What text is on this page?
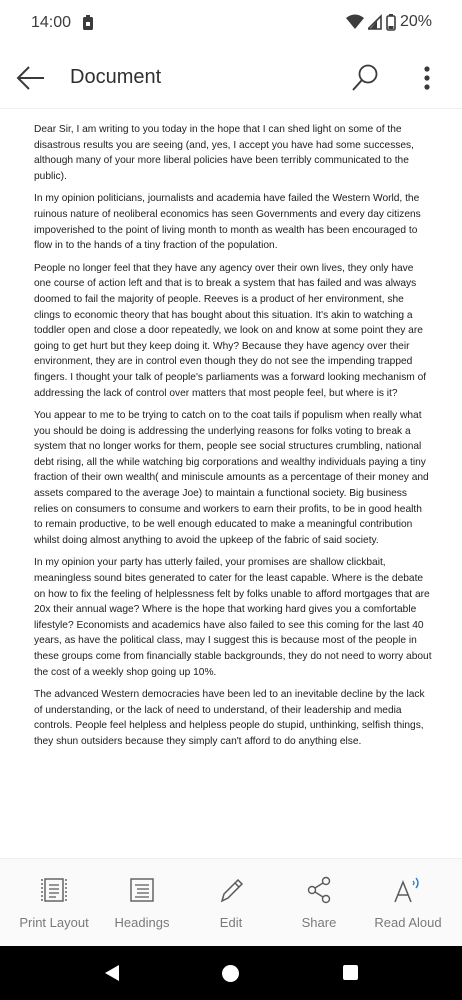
14:00	20%
Document

Dear Sir, I am writing to you today in the hope that I can shed light on some of the disastrous results you are seeing (and, yes, I accept you have had some successes, although many of your more liberal policies have been terribly communicated to the public).

In my opinion politicians, journalists and academia have failed the Western World, the ruinous nature of neoliberal economics has seen Governments and every day citizens impoverished to the point of living month to month as wealth has been encouraged to flow in to the hands of a tiny fraction of the population.

People no longer feel that they have any agency over their own lives, they only have one course of action left and that is to break a system that has failed and was always doomed to fail the majority of people. Reeves is a product of her environment, she clings to economic theory that has bought about this situation. It's akin to watching a toddler open and close a door repeatedly, we look on and know at some point they are going to get hurt but they keep doing it. Why? Because they have agency over their environment, they are in control even though they do not see the impending trapped fingers. I thought your talk of people's parliaments was a forward looking mechanism of addressing the lack of control over matters that most people feel, but where is it?

You appear to me to be trying to catch on to the coat tails if populism when really what you should be doing is addressing the underlying reasons for folks voting to break a system that no longer works for them, people see social structures crumbling, national debt rising, all the while watching big corporations and wealthy individuals paying a tiny fraction of their own wealth( and miniscule amounts as a percentage of their money and assets compared to the average Joe) to maintain a functional society. Big business relies on consumers to consume and workers to earn their profits, to be in good health to remain productive, to be well enough educated to make a meaningful contribution whilst doing almost anything to avoid the upkeep of the fabric of said society.

In my opinion your party has utterly failed, your promises are shallow clickbait, meaningless sound bites generated to cater for the least capable. Where is the debate on how to fix the feeling of helplessness felt by folks unable to afford mortgages that are 20x their annual wage? Where is the hope that working hard gives you a comfortable lifestyle? Economists and academics have also failed to see this coming for the last 40 years, as have the political class, may I suggest this is because most of the people in these groups come from financially stable backgrounds, they do not need to worry about the cost of a weekly shop going up 10%.

The advanced Western democracies have been led to an inevitable decline by the lack of understanding, or the lack of need to understand, of their leadership and media controls. People feel helpless and helpless people do stupid, unthinking, selfish things, they shun outsiders because they simply can't afford to do anything else.

Print Layout	Headings	Edit	Share	Read Aloud
